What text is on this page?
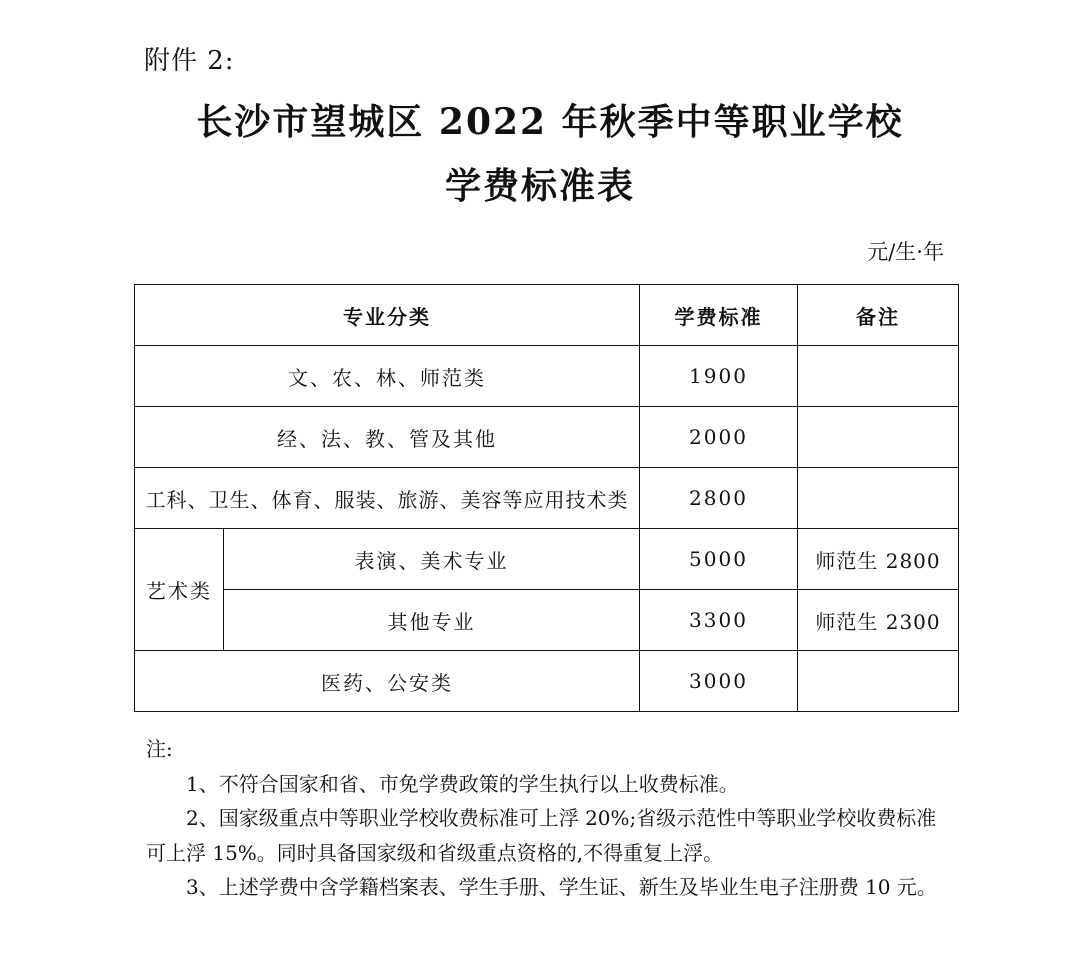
附件 2:
长沙市望城区 2022 年秋季中等职业学校
学费标准表
元/生·年
专业分类		学费标准	备注
文、农、林、师范类		1900	
经、法、教、管及其他		2000	
工科、卫生、体育、服装、旅游、美容等应用技术类		2800	
艺术类	表演、美术专业	5000	师范生 2800
	其他专业	3300	师范生 2300
医药、公安类		3000	

注:

1、不符合国家和省、市免学费政策的学生执行以上收费标准。

2、国家级重点中等职业学校收费标准可上浮 20%;省级示范性中等职业学校收费标准可上浮 15%。同时具备国家级和省级重点资格的,不得重复上浮。

3、上述学费中含学籍档案表、学生手册、学生证、新生及毕业生电子注册费 10 元。
